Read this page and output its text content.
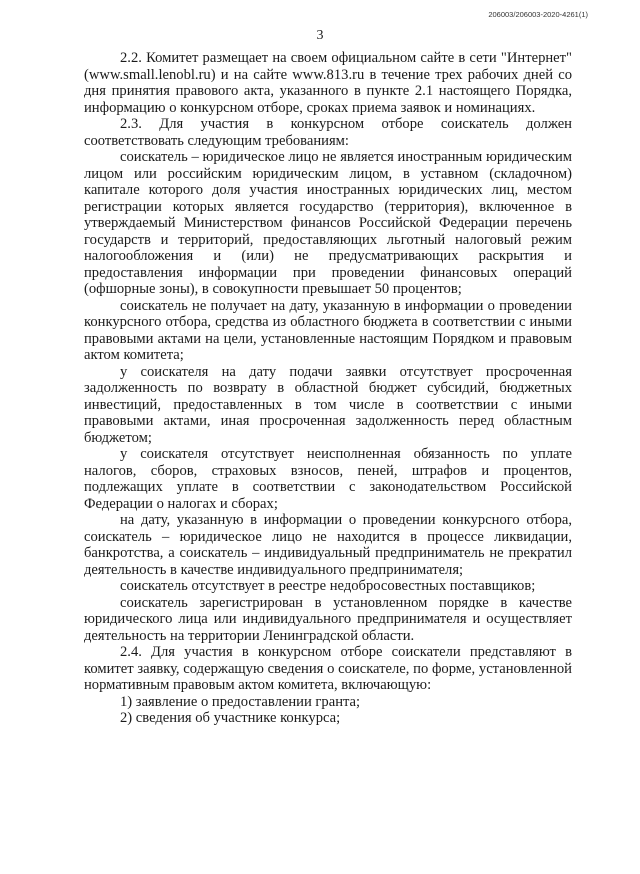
206003/206003-2020-4261(1)
3

2.2. Комитет размещает на своем официальном сайте в сети "Интернет" (www.small.lenobl.ru) и на сайте www.813.ru в течение трех рабочих дней со дня принятия правового акта, указанного в пункте 2.1 настоящего Порядка, информацию о конкурсном отборе, сроках приема заявок и номинациях.

2.3. Для участия в конкурсном отборе соискатель должен соответствовать следующим требованиям:

соискатель – юридическое лицо не является иностранным юридическим лицом или российским юридическим лицом, в уставном (складочном) капитале которого доля участия иностранных юридических лиц, местом регистрации которых является государство (территория), включенное в утверждаемый Министерством финансов Российской Федерации перечень государств и территорий, предоставляющих льготный налоговый режим налогообложения и (или) не предусматривающих раскрытия и предоставления информации при проведении финансовых операций (офшорные зоны), в совокупности превышает 50 процентов;

соискатель не получает на дату, указанную в информации о проведении конкурсного отбора, средства из областного бюджета в соответствии с иными правовыми актами на цели, установленные настоящим Порядком и правовым актом комитета;

у соискателя на дату подачи заявки отсутствует просроченная задолженность по возврату в областной бюджет субсидий, бюджетных инвестиций, предоставленных в том числе в соответствии с иными правовыми актами, иная просроченная задолженность перед областным бюджетом;

у соискателя отсутствует неисполненная обязанность по уплате налогов, сборов, страховых взносов, пеней, штрафов и процентов, подлежащих уплате в соответствии с законодательством Российской Федерации о налогах и сборах;

на дату, указанную в информации о проведении конкурсного отбора, соискатель – юридическое лицо не находится в процессе ликвидации, банкротства, а соискатель – индивидуальный предприниматель не прекратил деятельность в качестве индивидуального предпринимателя;

соискатель отсутствует в реестре недобросовестных поставщиков;

соискатель зарегистрирован в установленном порядке в качестве юридического лица или индивидуального предпринимателя и осуществляет деятельность на территории Ленинградской области.

2.4. Для участия в конкурсном отборе соискатели представляют в комитет заявку, содержащую сведения о соискателе, по форме, установленной нормативным правовым актом комитета, включающую:

1) заявление о предоставлении гранта;

2) сведения об участнике конкурса;
